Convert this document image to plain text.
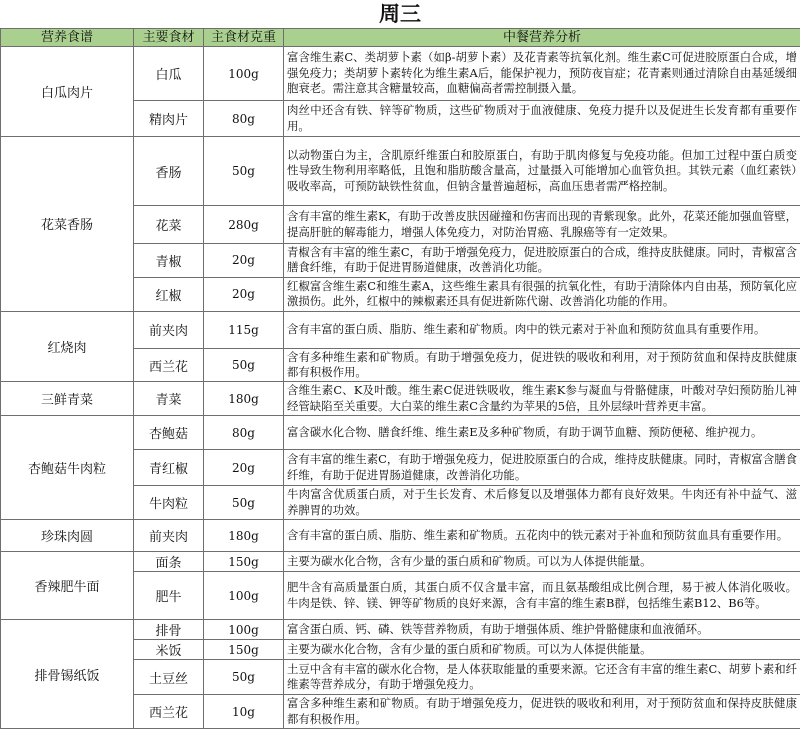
周三
营养食谱	主要食材	主食材克重	中餐营养分析
白瓜肉片	白瓜	100g	富含维生素C、类胡萝卜素（如β-胡萝卜素）及花青素等抗氧化剂。维生素C可促进胶原蛋白合成，增强免疫力；类胡萝卜素转化为维生素A后，能保护视力，预防夜盲症；花青素则通过清除自由基延缓细胞衰老。需注意其含糖量较高，血糖偏高者需控制摄入量。
	精肉片	80g	肉丝中还含有铁、锌等矿物质，这些矿物质对于血液健康、免疫力提升以及促进生长发育都有重要作用。
花菜香肠	香肠	50g	以动物蛋白为主，含肌原纤维蛋白和胶原蛋白，有助于肌肉修复与免疫功能。但加工过程中蛋白质变性导致生物利用率略低，且饱和脂肪酸含量高，过量摄入可能增加心血管负担。其铁元素（血红素铁）吸收率高，可预防缺铁性贫血，但钠含量普遍超标，高血压患者需严格控制。
	花菜	280g	含有丰富的维生素K，有助于改善皮肤因碰撞和伤害而出现的青紫现象。此外，花菜还能加强血管壁，提高肝脏的解毒能力，增强人体免疫力，对防治胃癌、乳腺癌等有一定效果。
	青椒	20g	青椒含有丰富的维生素C，有助于增强免疫力，促进胶原蛋白的合成，维持皮肤健康。同时，青椒富含膳食纤维，有助于促进胃肠道健康，改善消化功能。
	红椒	20g	红椒富含维生素C和维生素A，这些维生素具有很强的抗氧化性，有助于清除体内自由基，预防氧化应激损伤。此外，红椒中的辣椒素还具有促进新陈代谢、改善消化功能的作用。
红烧肉	前夹肉	115g	含有丰富的蛋白质、脂肪、维生素和矿物质。肉中的铁元素对于补血和预防贫血具有重要作用。
	西兰花	50g	含有多种维生素和矿物质。有助于增强免疫力，促进铁的吸收和利用，对于预防贫血和保持皮肤健康都有积极作用。
三鲜青菜	青菜	180g	含维生素C、K及叶酸。维生素C促进铁吸收，维生素K参与凝血与骨骼健康，叶酸对孕妇预防胎儿神经管缺陷至关重要。大白菜的维生素C含量约为苹果的5倍，且外层绿叶营养更丰富。
杏鲍菇牛肉粒	杏鲍菇	80g	富含碳水化合物、膳食纤维、维生素E及多种矿物质，有助于调节血糖、预防便秘、维护视力。
	青红椒	20g	含有丰富的维生素C，有助于增强免疫力，促进胶原蛋白的合成，维持皮肤健康。同时，青椒富含膳食纤维，有助于促进胃肠道健康，改善消化功能。
	牛肉粒	50g	牛肉富含优质蛋白质，对于生长发育、术后修复以及增强体力都有良好效果。牛肉还有补中益气、滋养脾胃的功效。
珍珠肉圆	前夹肉	180g	含有丰富的蛋白质、脂肪、维生素和矿物质。五花肉中的铁元素对于补血和预防贫血具有重要作用。
香辣肥牛面	面条	150g	主要为碳水化合物，含有少量的蛋白质和矿物质。可以为人体提供能量。
	肥牛	100g	肥牛含有高质量蛋白质，其蛋白质不仅含量丰富，而且氨基酸组成比例合理，易于被人体消化吸收。牛肉是铁、锌、镁、钾等矿物质的良好来源，含有丰富的维生素B群，包括维生素B12、B6等。
排骨锡纸饭	排骨	100g	富含蛋白质、钙、磷、铁等营养物质，有助于增强体质、维护骨骼健康和血液循环。
	米饭	150g	主要为碳水化合物，含有少量的蛋白质和矿物质。可以为人体提供能量。
	土豆丝	50g	土豆中含有丰富的碳水化合物，是人体获取能量的重要来源。它还含有丰富的维生素C、胡萝卜素和纤维素等营养成分，有助于增强免疫力。
	西兰花	10g	富含多种维生素和矿物质。有助于增强免疫力，促进铁的吸收和利用，对于预防贫血和保持皮肤健康都有积极作用。
